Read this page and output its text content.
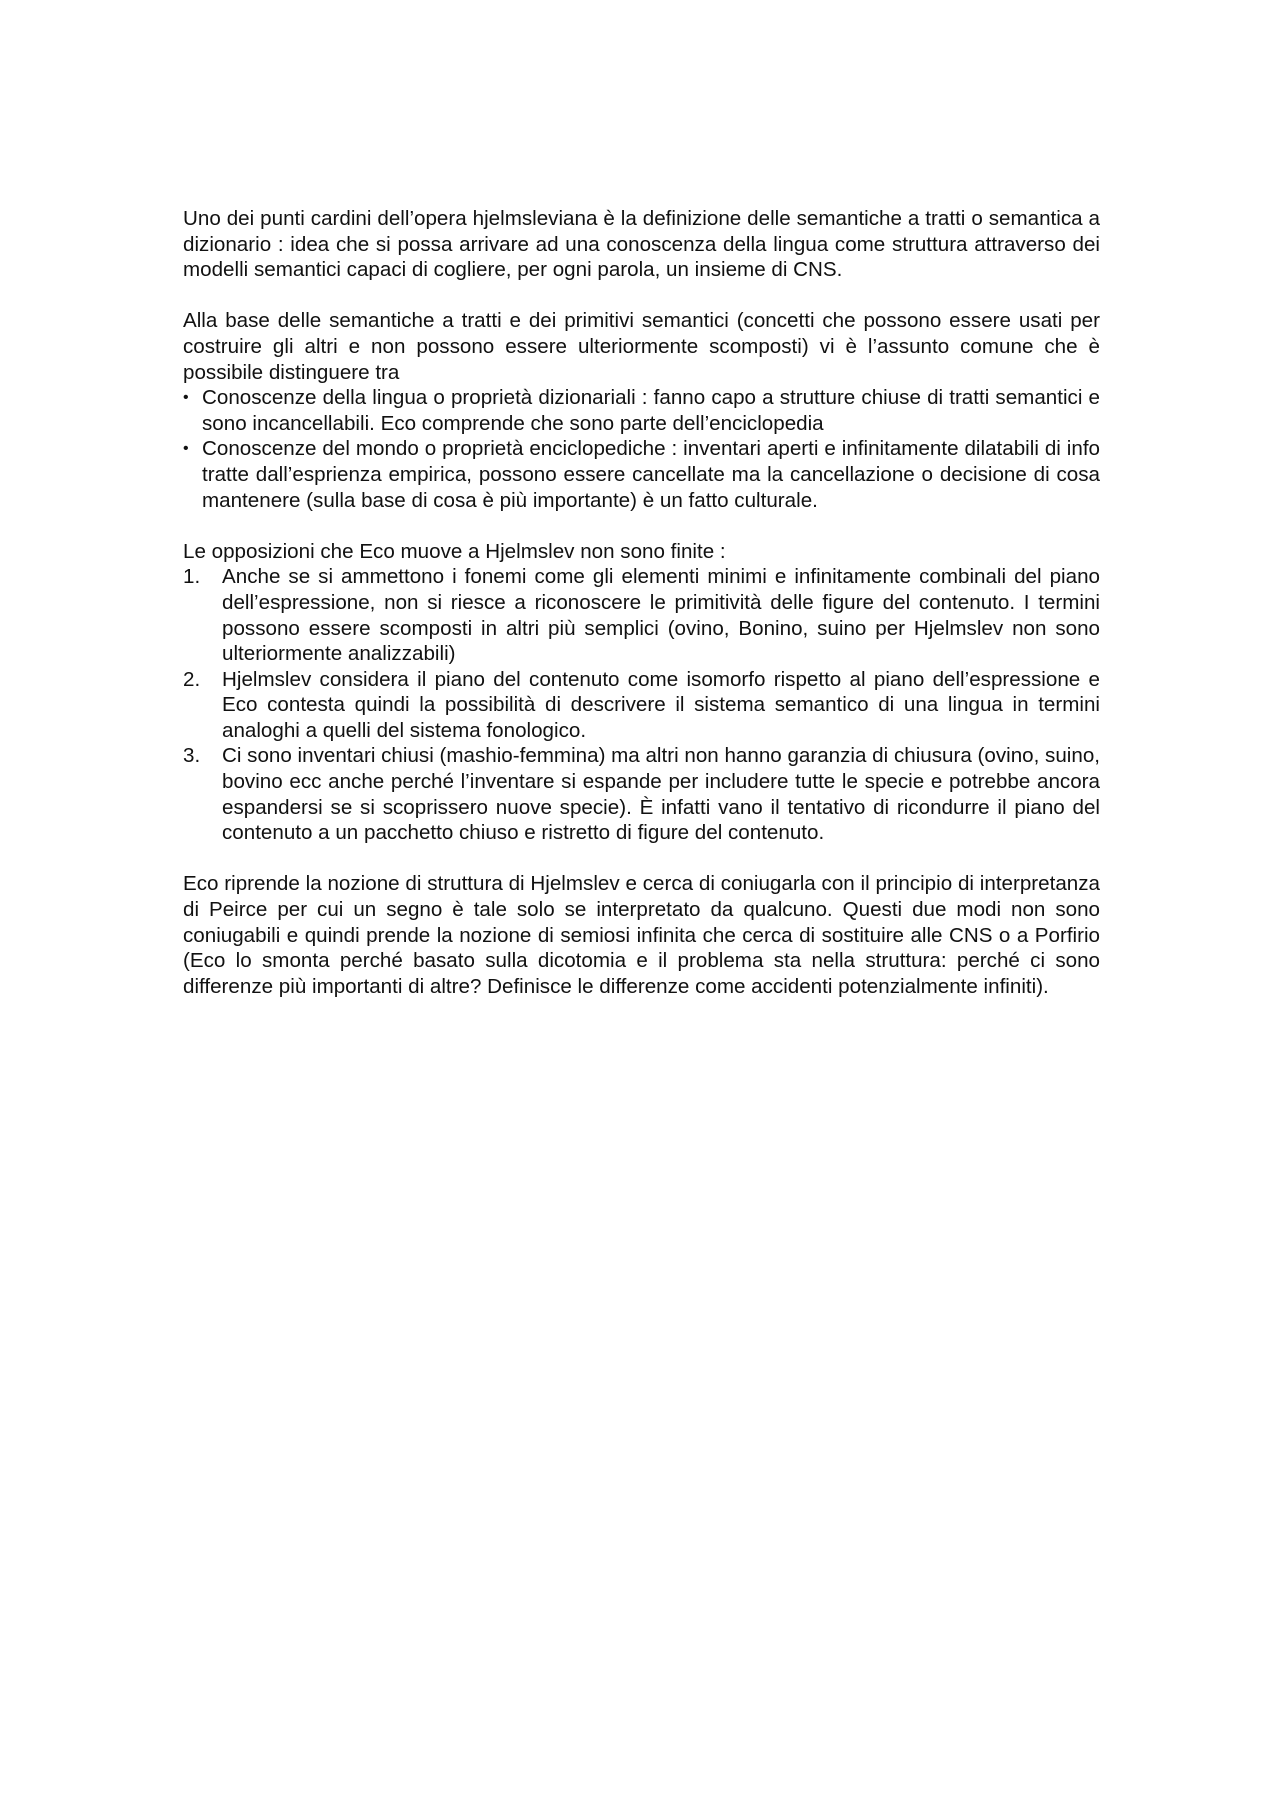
Uno dei punti cardini dell’opera hjelmsleviana è la definizione delle semantiche a tratti o semantica a dizionario : idea che si possa arrivare ad una conoscenza della lingua come struttura attraverso dei modelli semantici capaci di cogliere, per ogni parola, un insieme di CNS.

Alla base delle semantiche a tratti e dei primitivi semantici (concetti che possono essere usati per costruire gli altri e non possono essere ulteriormente scomposti) vi è l’assunto comune che è possibile distinguere tra

• Conoscenze della lingua o proprietà dizionariali : fanno capo a strutture chiuse di tratti semantici e sono incancellabili. Eco comprende che sono parte dell’enciclopedia
• Conoscenze del mondo o proprietà enciclopediche : inventari aperti e infinitamente dilatabili di info tratte dall’esprienza empirica, possono essere cancellate ma la cancellazione o decisione di cosa mantenere (sulla base di cosa è più importante) è un fatto culturale.

Le opposizioni che Eco muove a Hjelmslev non sono finite :

1.	Anche se si ammettono i fonemi come gli elementi minimi e infinitamente combinali del piano dell’espressione, non si riesce a riconoscere le primitività delle figure del contenuto. I termini possono essere scomposti in altri più semplici (ovino, Bonino, suino per Hjelmslev non sono ulteriormente analizzabili)
2.	Hjelmslev considera il piano del contenuto come isomorfo rispetto al piano dell’espressione e Eco contesta quindi la possibilità di descrivere il sistema semantico di una lingua in termini analoghi a quelli del sistema fonologico.
3.	Ci sono inventari chiusi (mashio-femmina) ma altri non hanno garanzia di chiusura (ovino, suino, bovino ecc anche perché l’inventare si espande per includere tutte le specie e potrebbe ancora espandersi se si scoprissero nuove specie). È infatti vano il tentativo di ricondurre il piano del contenuto a un pacchetto chiuso e ristretto di figure del contenuto.

Eco riprende la nozione di struttura di Hjelmslev e cerca di coniugarla con il principio di interpretanza di Peirce per cui un segno è tale solo se interpretato da qualcuno. Questi due modi non sono coniugabili e quindi prende la nozione di semiosi infinita che cerca di sostituire alle CNS o a Porfirio (Eco lo smonta perché basato sulla dicotomia e il problema sta nella struttura: perché ci sono differenze più importanti di altre? Definisce le differenze come accidenti potenzialmente infiniti).
